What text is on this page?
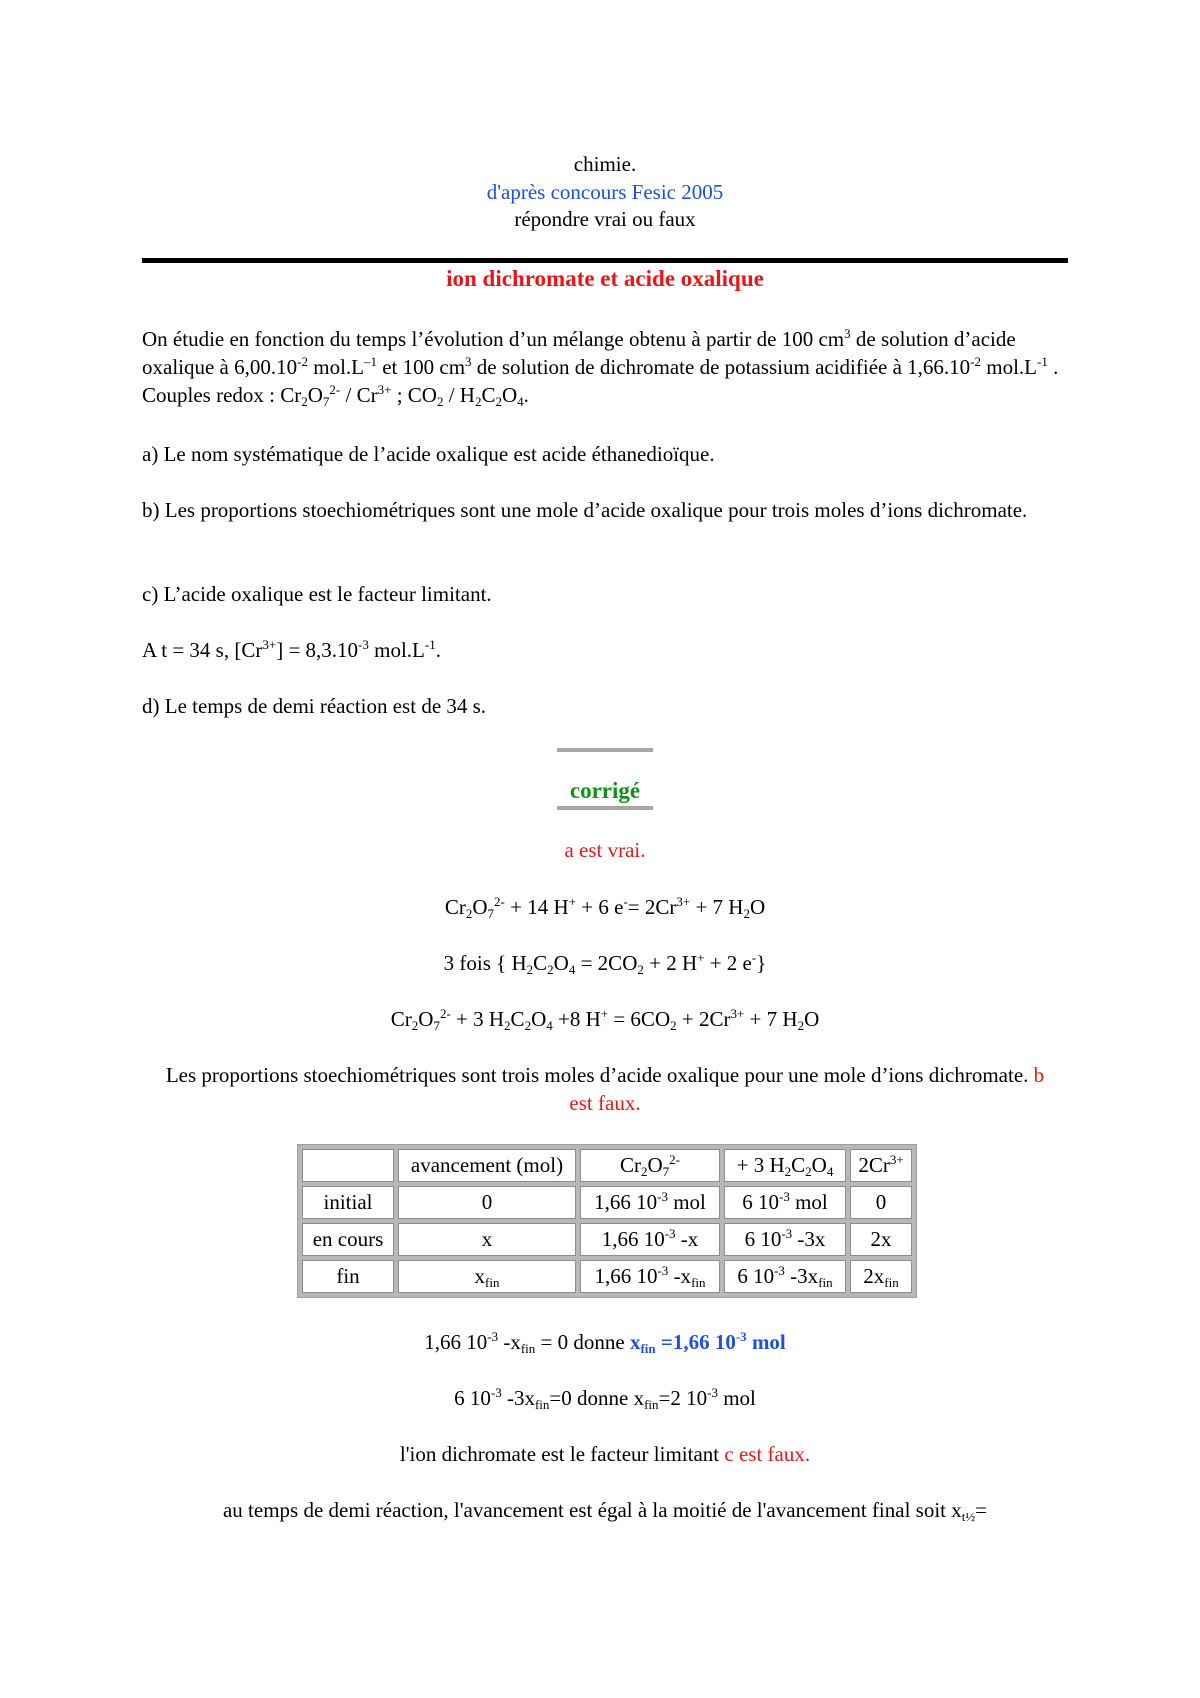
chimie.
d'après concours Fesic 2005
répondre vrai ou faux
ion dichromate et acide oxalique

On étudie en fonction du temps l’évolution d’un mélange obtenu à partir de 100 $cm^3$ de solution d’acide oxalique à $6,00.10^{-2}$ $mol.L^{-1}$ et 100 $cm^3$ de solution de dichromate de potassium acidifiée à $1,66.10^{-2}$ $mol.L^{-1}$ . Couples redox : $Cr_2O_7^{2-} / Cr^{3+}$ ; $CO_2 / H_2C_2O_4$.

a) Le nom systématique de l’acide oxalique est acide éthanedioïque.

b) Les proportions stoechiométriques sont une mole d’acide oxalique pour trois moles d’ions dichromate.

c) L’acide oxalique est le facteur limitant.

A t = 34 s, $[Cr^{3+}] = 8,3.10^{-3}$ $mol.L^{-1}$.

d) Le temps de demi réaction est de 34 s.

corrigé
a est vrai.

$Cr_2O_7^{2-} + 14$ H+ + 6 $e^-= 2Cr^{3+} + 7$ $H_2O$

3 fois { $H_2C_2O_4 = 2CO_2 + 2$ H+ + 2 e-}

$Cr_2O_7^{2-} + 3$ $H_2C_2O_4 +8$ $H^+ = 6CO_2 + 2Cr^{3+} + 7$ $H_2O$

Les proportions stoechiométriques sont trois moles d’acide oxalique pour une mole d’ions dichromate. b est faux.

	avancement (mol)	$Cr_2O_7^{2-}$	+ 3 $H_2C_2O_4$	$2Cr^{3+}$
initial	0	1,66 $10^{-3}$ mol	6 $10^{-3}$ mol	0
en cours	x	1,66 $10^{-3}$ -x	6 $10^{-3}$ -3x	2x
fin	$x_{fin}$	1,66 $10^{-3}$ $-x_{fin}$	6 $10^{-3}$ $-3x_{fin}$	$2x_{fin}$

1,66 $10^{-3}$ $-x_{fin} = 0$ donne $x_{fin} =1,66$ $10^{-3}$ mol

6 $10^{-3}$ $-3x_{fin}=0$ donne $x_{fin}=2$ $10^{-3}$ mol

l'ion dichromate est le facteur limitant c est faux.

au temps de demi réaction, l'avancement est égal à la moitié de l'avancement final soit $x_{t\frac{1}{2}}=$
